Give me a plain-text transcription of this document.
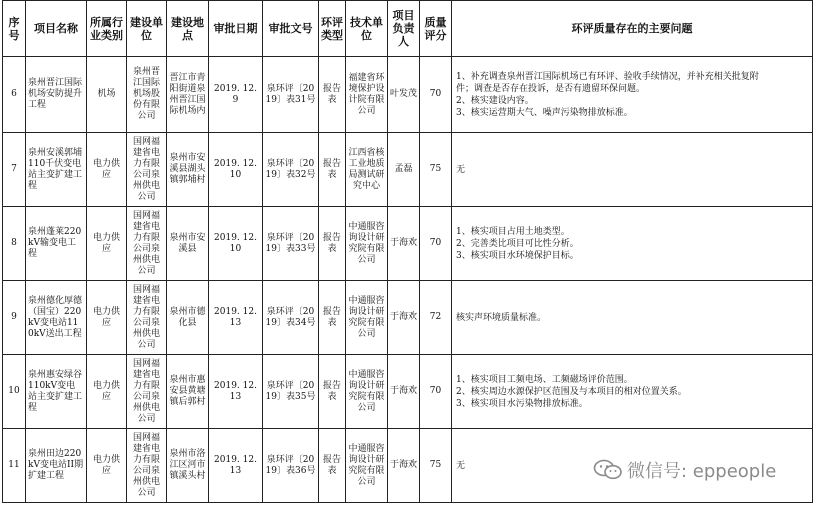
序号	项目名称	所属行业类别	建设单位	建设地点	审批日期	审批文号	环评类型	技术单位	项目负责人	质量评分	环评质量存在的主要问题
6	泉州晋江国际机场安防提升工程	机场	泉州晋江国际机场股份有限公司	晋江市青阳街道泉州晋江国际机场内	2019. 12. 9	泉环评〔2019〕表31号	报告表	福建省环境保护设计院有限公司	叶发茂	70	1、补充调查泉州晋江国际机场已有环评、验收手续情况，并补充相关批复附
件；调查是否存在投诉，是否有遗留环保问题。
2、核实建设内容。
3、核实运营期大气、噪声污染物排放标准。

7	泉州安溪郭埔110千伏变电站主变扩建工程	电力供应	国网福建省电力有限公司泉州供电公司	泉州市安溪县湖头镇郭埔村	2019. 12. 10	泉环评〔2019〕表32号	报告表	江西省核工业地质局测试研究中心	孟磊	75	无

8	泉州蓬莱220kV输变电工程	电力供应	国网福建省电力有限公司泉州供电公司	泉州市安溪县	2019. 12. 10	泉环评〔2019〕表33号	报告表	中通服咨询设计研究院有限公司	于海欢	70	1、核实项目占用土地类型。
2、完善类比项目可比性分析。
3、核实项目水环境保护目标。

9	泉州德化厚德（国宝）220kV变电站110kV送出工程	电力供应	国网福建省电力有限公司泉州供电公司	泉州市德化县	2019. 12. 13	泉环评〔2019〕表34号	报告表	中通服咨询设计研究院有限公司	于海欢	72	核实声环境质量标准。

10	泉州惠安绿谷110kV变电站主变扩建工程	电力供应	国网福建省电力有限公司泉州供电公司	泉州市惠安县黄塘镇后郭村	2019. 12. 13	泉环评〔2019〕表35号	报告表	中通服咨询设计研究院有限公司	于海欢	70	1、核实项目工频电场、工频磁场评价范围。
2、核实周边水源保护区范围及与本项目的相对位置关系。
3、核实项目水污染物排放标准。

11	泉州田边220kV变电站II期扩建工程	电力供应	国网福建省电力有限公司泉州供电公司	泉州市洛江区河市镇溪头村	2019. 12. 13	泉环评〔2019〕表36号	报告表	中通服咨询设计研究院有限公司	于海欢	75	无	微信号: eppeople
